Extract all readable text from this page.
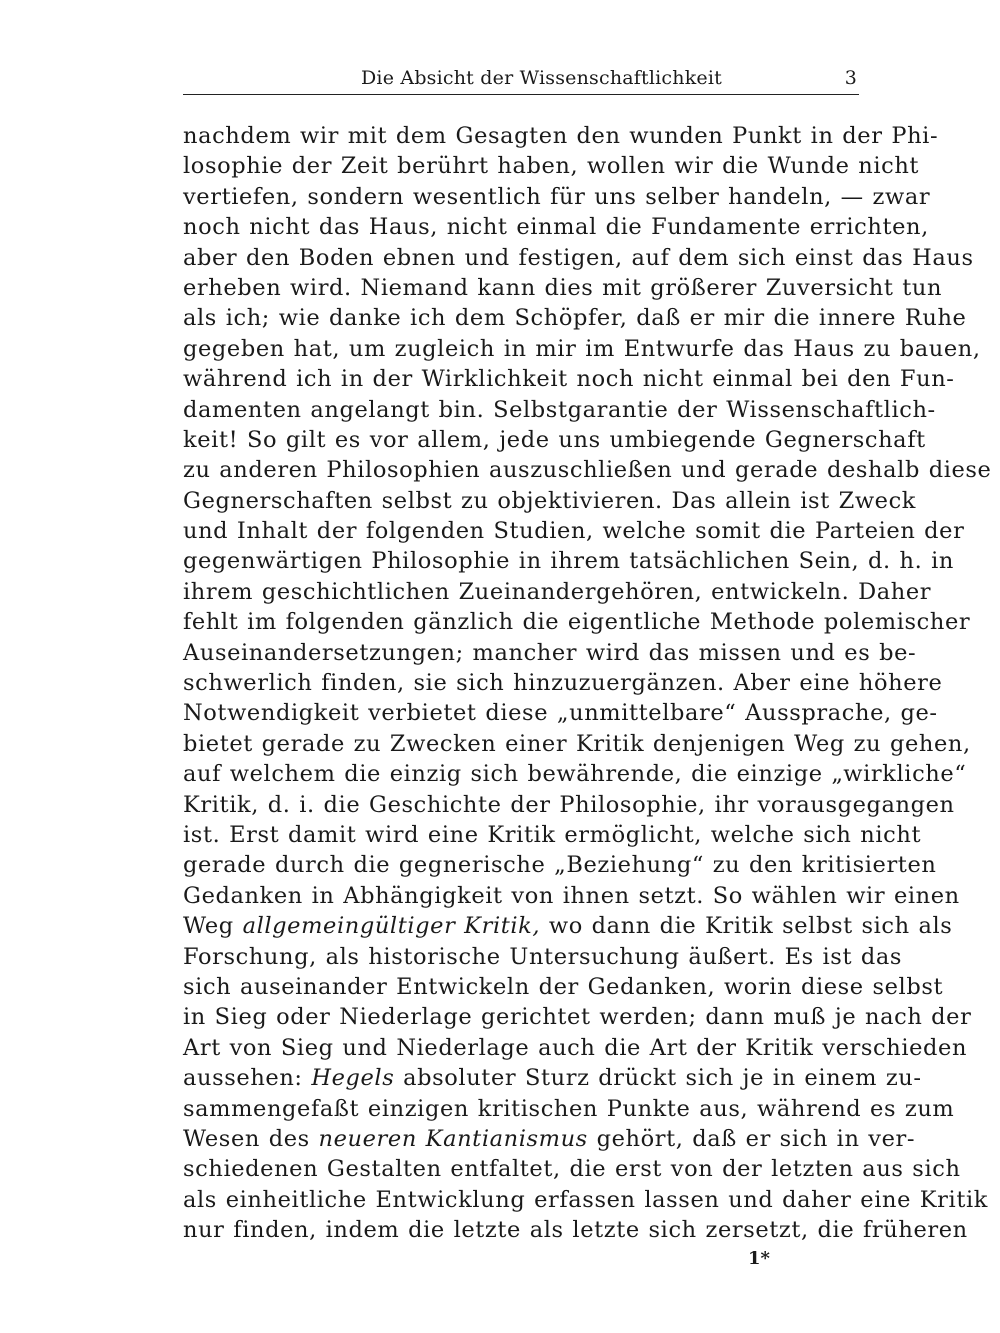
Die Absicht der Wissenschaftlichkeit	3
nachdem wir mit dem Gesagten den wunden Punkt in der Phi-
losophie der Zeit berührt haben, wollen wir die Wunde nicht
vertiefen, sondern wesentlich für uns selber handeln, — zwar
noch nicht das Haus, nicht einmal die Fundamente errichten,
aber den Boden ebnen und festigen, auf dem sich einst das Haus
erheben wird. Niemand kann dies mit größerer Zuversicht tun
als ich; wie danke ich dem Schöpfer, daß er mir die innere Ruhe
gegeben hat, um zugleich in mir im Entwurfe das Haus zu bauen,
während ich in der Wirklichkeit noch nicht einmal bei den Fun-
damenten angelangt bin. Selbstgarantie der Wissenschaftlich-
keit! So gilt es vor allem, jede uns umbiegende Gegnerschaft
zu anderen Philosophien auszuschließen und gerade deshalb diese
Gegnerschaften selbst zu objektivieren. Das allein ist Zweck
und Inhalt der folgenden Studien, welche somit die Parteien der
gegenwärtigen Philosophie in ihrem tatsächlichen Sein, d. h. in
ihrem geschichtlichen Zueinandergehören, entwickeln. Daher
fehlt im folgenden gänzlich die eigentliche Methode polemischer
Auseinandersetzungen; mancher wird das missen und es be-
schwerlich finden, sie sich hinzuzuergänzen. Aber eine höhere
Notwendigkeit verbietet diese „unmittelbare“ Aussprache, ge-
bietet gerade zu Zwecken einer Kritik denjenigen Weg zu gehen,
auf welchem die einzig sich bewährende, die einzige „wirkliche“
Kritik, d. i. die Geschichte der Philosophie, ihr vorausgegangen
ist. Erst damit wird eine Kritik ermöglicht, welche sich nicht
gerade durch die gegnerische „Beziehung“ zu den kritisierten
Gedanken in Abhängigkeit von ihnen setzt. So wählen wir einen
Weg allgemeingültiger Kritik, wo dann die Kritik selbst sich als
Forschung, als historische Untersuchung äußert. Es ist das
sich auseinander Entwickeln der Gedanken, worin diese selbst
in Sieg oder Niederlage gerichtet werden; dann muß je nach der
Art von Sieg und Niederlage auch die Art der Kritik verschieden
aussehen: Hegels absoluter Sturz drückt sich je in einem zu-
sammengefaßt einzigen kritischen Punkte aus, während es zum
Wesen des neueren Kantianismus gehört, daß er sich in ver-
schiedenen Gestalten entfaltet, die erst von der letzten aus sich
als einheitliche Entwicklung erfassen lassen und daher eine Kritik
nur finden, indem die letzte als letzte sich zersetzt, die früheren
1*
